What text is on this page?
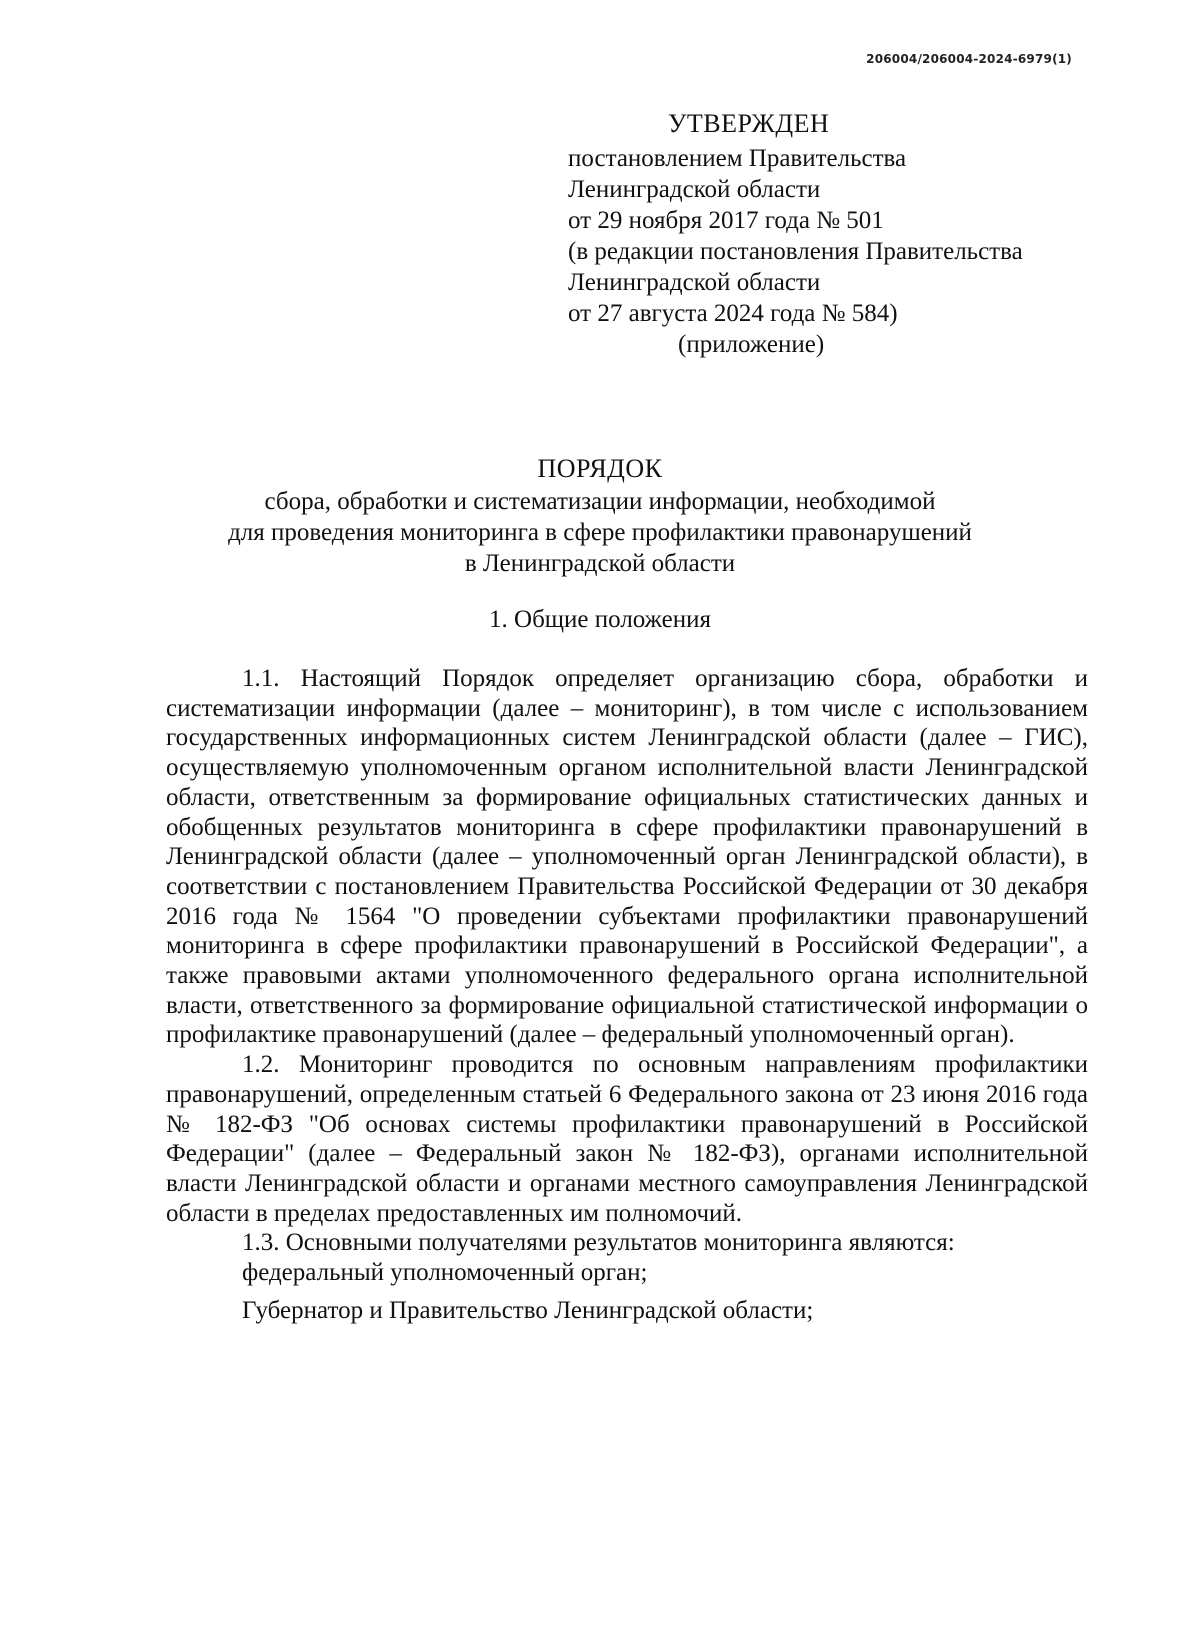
206004/206004-2024-6979(1)
УТВЕРЖДЕН
постановлением Правительства
Ленинградской области
от 29 ноября 2017 года № 501
(в редакции постановления Правительства
Ленинградской области
от 27 августа 2024 года № 584)
(приложение)
ПОРЯДОК
сбора, обработки и систематизации информации, необходимой
для проведения мониторинга в сфере профилактики правонарушений
в Ленинградской области
1. Общие положения

1.1. Настоящий Порядок определяет организацию сбора, обработки и систематизации информации (далее – мониторинг), в том числе с использованием государственных информационных систем Ленинградской области (далее – ГИС), осуществляемую уполномоченным органом исполнительной власти Ленинградской области, ответственным за формирование официальных статистических данных и обобщенных результатов мониторинга в сфере профилактики правонарушений в Ленинградской области (далее – уполномоченный орган Ленинградской области), в соответствии с постановлением Правительства Российской Федерации от 30 декабря 2016 года № 1564 "О проведении субъектами профилактики правонарушений мониторинга в сфере профилактики правонарушений в Российской Федерации", а также правовыми актами уполномоченного федерального органа исполнительной власти, ответственного за формирование официальной статистической информации о профилактике правонарушений (далее – федеральный уполномоченный орган).

1.2. Мониторинг проводится по основным направлениям профилактики правонарушений, определенным статьей 6 Федерального закона от 23 июня 2016 года № 182-ФЗ "Об основах системы профилактики правонарушений в Российской Федерации" (далее – Федеральный закон № 182-ФЗ), органами исполнительной власти Ленинградской области и органами местного самоуправления Ленинградской области в пределах предоставленных им полномочий.

1.3. Основными получателями результатов мониторинга являются:

федеральный уполномоченный орган;

Губернатор и Правительство Ленинградской области;
